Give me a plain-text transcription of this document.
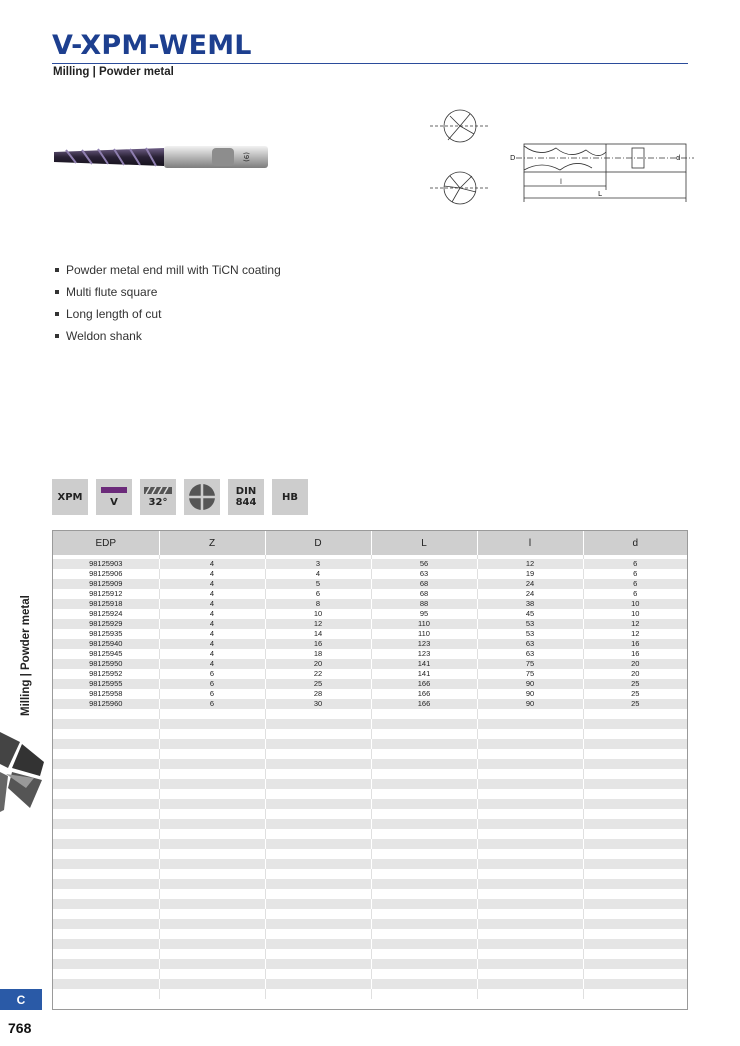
V-XPM-WEML
Milling | Powder metal
(9)	D	d
l
L
Powder metal end mill with TiCN coating
Multi flute square
Long length of cut
Weldon shank
XPM	V	32°
DIN
844	HB
EDP	Z	D	L	l	d

98125903	4	3	56	12	6
98125906	4	4	63	19	6
98125909	4	5	68	24	6
98125912	4	6	68	24	6
98125918	4	8	88	38	10
98125924	4	10	95	45	10
98125929	4	12	110	53	12
98125935	4	14	110	53	12
98125940	4	16	123	63	16
98125945	4	18	123	63	16
98125950	4	20	141	75	20
98125952	6	22	141	75	20
98125955	6	25	166	90	25
98125958	6	28	166	90	25
98125960	6	30	166	90	25

Milling | Powder metal
C
768
